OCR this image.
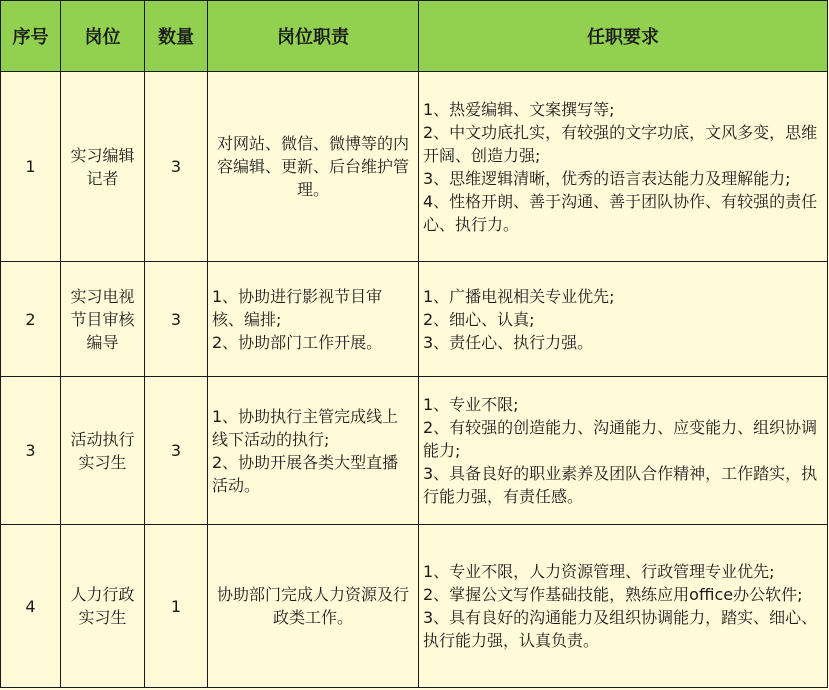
序号	岗位	数量	岗位职责	任职要求
1	实习编辑记者	3	对网站、微信、微博等的内容编辑、更新、后台维护管理。	1、热爱编辑、文案撰写等;
2、中文功底扎实，有较强的文字功底，文风多变，思维开阔、创造力强;
3、思维逻辑清晰，优秀的语言表达能力及理解能力;
4、性格开朗、善于沟通、善于团队协作、有较强的责任心、执行力。

2	实习电视节目审核编导	3	1、协助进行影视节目审核、编排;
2、协助部门工作开展。	1、广播电视相关专业优先;
2、细心、认真;
3、责任心、执行力强。

3	活动执行实习生	3	1、协助执行主管完成线上线下活动的执行;
2、协助开展各类大型直播活动。	1、专业不限;
2、有较强的创造能力、沟通能力、应变能力、组织协调能力;
3、具备良好的职业素养及团队合作精神，工作踏实，执行能力强，有责任感。

4	人力行政实习生	1	协助部门完成人力资源及行政类工作。	1、专业不限，人力资源管理、行政管理专业优先;
2、掌握公文写作基础技能，熟练应用office办公软件;
3、具有良好的沟通能力及组织协调能力，踏实、细心、执行能力强，认真负责。
